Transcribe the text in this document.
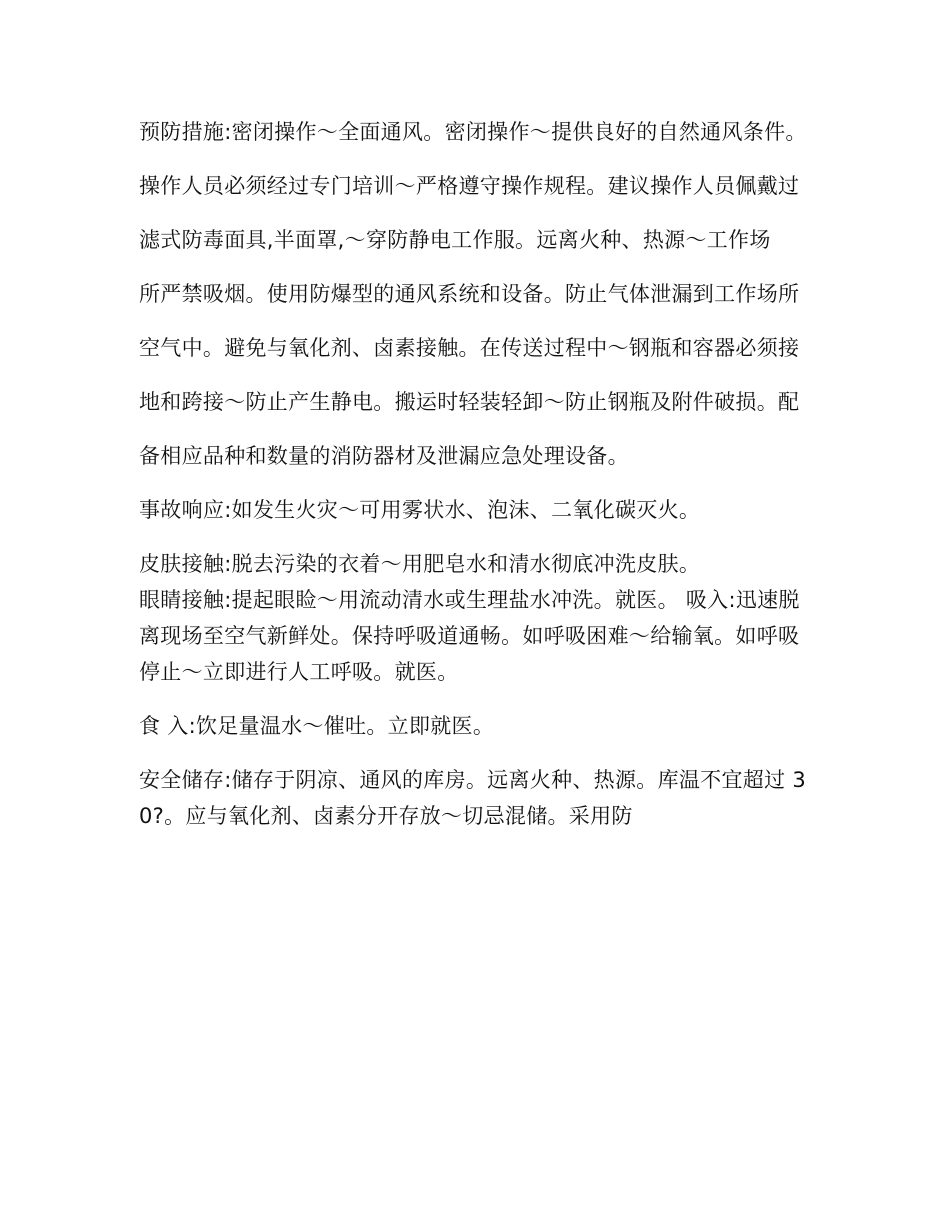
预防措施:密闭操作～全面通风。密闭操作～提供良好的自然通风条件。

操作人员必须经过专门培训～严格遵守操作规程。建议操作人员佩戴过

滤式防毒面具,半面罩,～穿防静电工作服。远离火种、热源～工作场

所严禁吸烟。使用防爆型的通风系统和设备。防止气体泄漏到工作场所

空气中。避免与氧化剂、卤素接触。在传送过程中～钢瓶和容器必须接

地和跨接～防止产生静电。搬运时轻装轻卸～防止钢瓶及附件破损。配

备相应品种和数量的消防器材及泄漏应急处理设备。

事故响应:如发生火灾～可用雾状水、泡沫、二氧化碳灭火。

皮肤接触:脱去污染的衣着～用肥皂水和清水彻底冲洗皮肤。

眼睛接触:提起眼睑～用流动清水或生理盐水冲洗。就医。 吸入:迅速脱离现场至空气新鲜处。保持呼吸道通畅。如呼吸困难～给输氧。如呼吸停止～立即进行人工呼吸。就医。

食 入:饮足量温水～催吐。立即就医。

安全储存:储存于阴凉、通风的库房。远离火种、热源。库温不宜超过 30?。应与氧化剂、卤素分开存放～切忌混储。采用防
